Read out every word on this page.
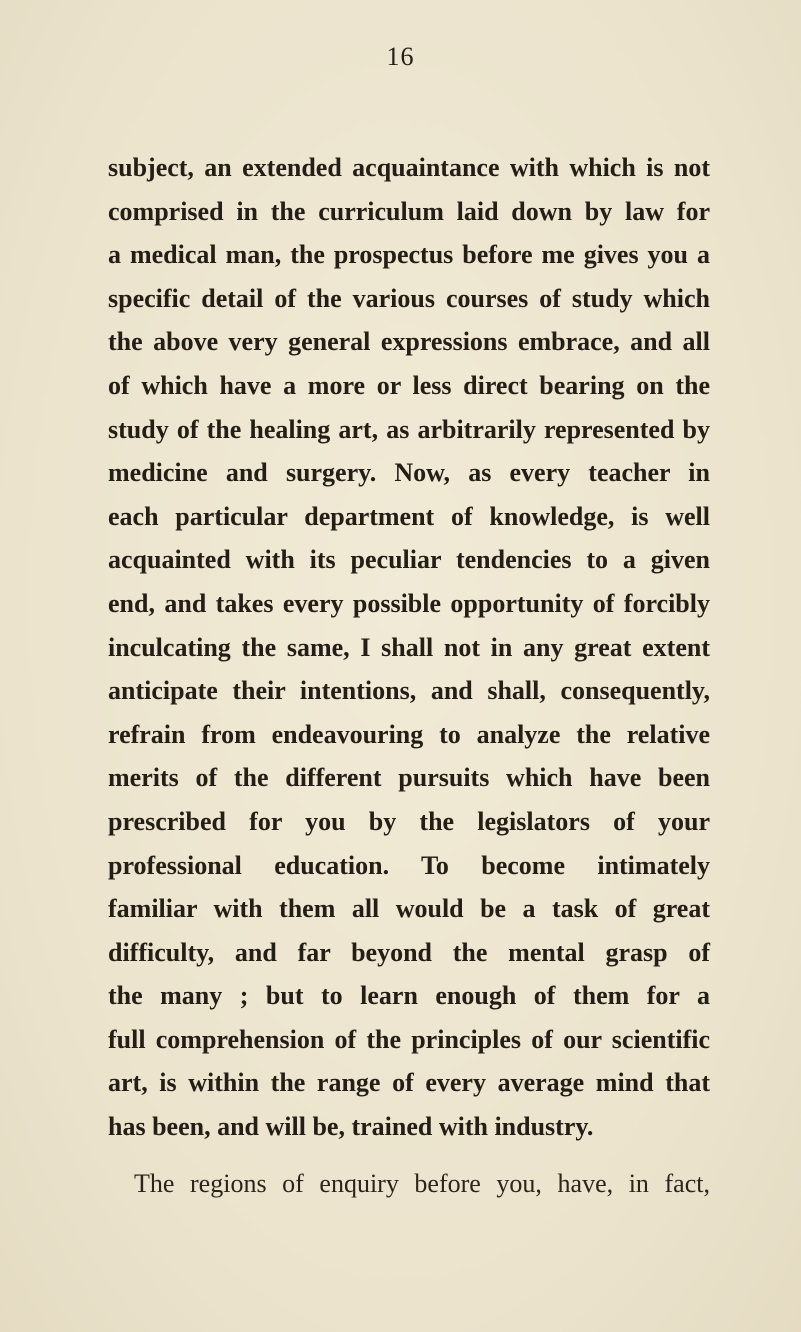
16
subject, an extended acquaintance with which is not
comprised in the curriculum laid down by law for
a medical man, the prospectus before me gives you a
specific detail of the various courses of study which
the above very general expressions embrace, and all
of which have a more or less direct bearing on the
study of the healing art, as arbitrarily represented by
medicine and surgery. Now, as every teacher in
each particular department of knowledge, is well
acquainted with its peculiar tendencies to a given
end, and takes every possible opportunity of forcibly
inculcating the same, I shall not in any great extent
anticipate their intentions, and shall, consequently,
refrain from endeavouring to analyze the relative
merits of the different pursuits which have been
prescribed for you by the legislators of your
professional education. To become intimately
familiar with them all would be a task of great
difficulty, and far beyond the mental grasp of
the many ; but to learn enough of them for a
full comprehension of the principles of our scientific
art, is within the range of every average mind that
has been, and will be, trained with industry.
The regions of enquiry before you, have, in fact,
